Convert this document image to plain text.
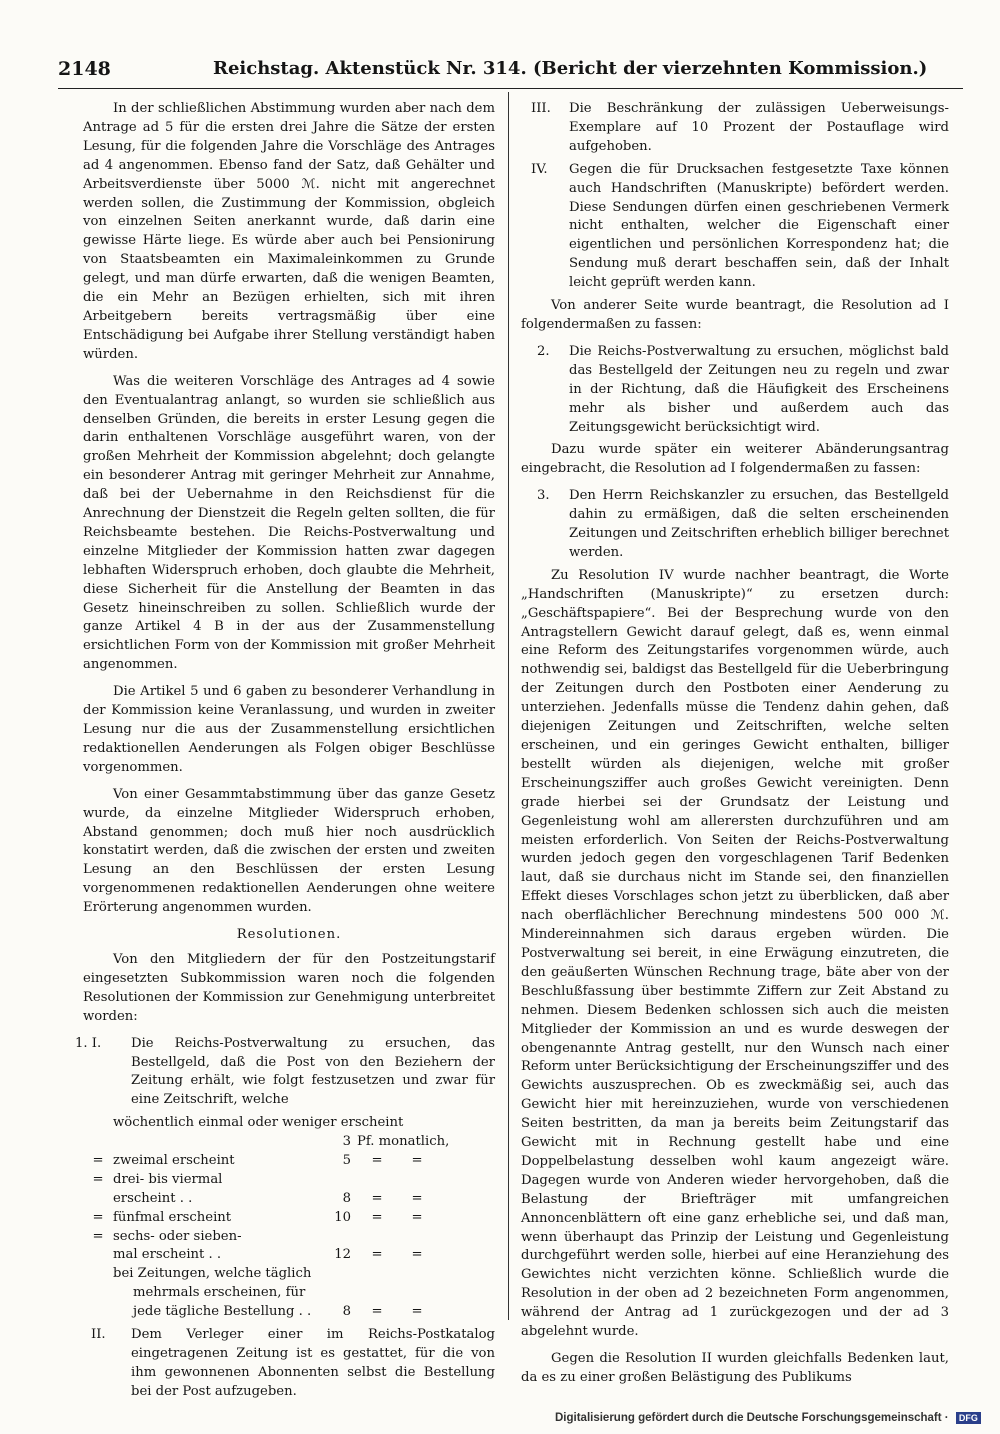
2148	Reichstag. Aktenstück Nr. 314. (Bericht der vierzehnten Kommission.)

In der schließlichen Abstimmung wurden aber nach dem Antrage ad 5 für die ersten drei Jahre die Sätze der ersten Lesung, für die folgenden Jahre die Vorschläge des Antrages ad 4 angenommen. Ebenso fand der Satz, daß Gehälter und Arbeitsverdienste über 5000 ℳ. nicht mit angerechnet werden sollen, die Zustimmung der Kommission, obgleich von einzelnen Seiten anerkannt wurde, daß darin eine gewisse Härte liege. Es würde aber auch bei Pensionirung von Staatsbeamten ein Maximaleinkommen zu Grunde gelegt, und man dürfe erwarten, daß die wenigen Beamten, die ein Mehr an Bezügen erhielten, sich mit ihren Arbeitgebern bereits vertragsmäßig über eine Entschädigung bei Aufgabe ihrer Stellung verständigt haben würden.

Was die weiteren Vorschläge des Antrages ad 4 sowie den Eventualantrag anlangt, so wurden sie schließlich aus denselben Gründen, die bereits in erster Lesung gegen die darin enthaltenen Vorschläge ausgeführt waren, von der großen Mehrheit der Kommission abgelehnt; doch gelangte ein besonderer Antrag mit geringer Mehrheit zur Annahme, daß bei der Uebernahme in den Reichsdienst für die Anrechnung der Dienstzeit die Regeln gelten sollten, die für Reichsbeamte bestehen. Die Reichs-Postverwaltung und einzelne Mitglieder der Kommission hatten zwar dagegen lebhaften Widerspruch erhoben, doch glaubte die Mehrheit, diese Sicherheit für die Anstellung der Beamten in das Gesetz hineinschreiben zu sollen. Schließlich wurde der ganze Artikel 4 B in der aus der Zusammenstellung ersichtlichen Form von der Kommission mit großer Mehrheit angenommen.

Die Artikel 5 und 6 gaben zu besonderer Verhandlung in der Kommission keine Veranlassung, und wurden in zweiter Lesung nur die aus der Zusammenstellung ersichtlichen redaktionellen Aenderungen als Folgen obiger Beschlüsse vorgenommen.

Von einer Gesammtabstimmung über das ganze Gesetz wurde, da einzelne Mitglieder Widerspruch erhoben, Abstand genommen; doch muß hier noch ausdrücklich konstatirt werden, daß die zwischen der ersten und zweiten Lesung an den Beschlüssen der ersten Lesung vorgenommenen redaktionellen Aenderungen ohne weitere Erörterung angenommen wurden.

Resolutionen.

Von den Mitgliedern der für den Postzeitungstarif eingesetzten Subkommission waren noch die folgenden Resolutionen der Kommission zur Genehmigung unterbreitet worden:

1. I. Die Reichs-Postverwaltung zu ersuchen, das Bestellgeld, daß die Post von den Beziehern der Zeitung erhält, wie folgt festzusetzen und zwar für eine Zeitschrift, welche
wöchentlich einmal oder weniger erscheint
3 Pf. monatlich,
= zweimal erscheint	5	=	=
= drei- bis viermal
erscheint . .	8	=	=
= fünfmal erscheint	10	=	=
= sechs- oder sieben-
mal erscheint . .	12	=	=
bei Zeitungen, welche täglich
mehrmals erscheinen, für
jede tägliche Bestellung . .	8	=	=
II. Dem Verleger einer im Reichs-Postkatalog eingetragenen Zeitung ist es gestattet, für die von ihm gewonnenen Abonnenten selbst die Bestellung bei der Post aufzugeben.
III. Die Beschränkung der zulässigen Ueberweisungs-Exemplare auf 10 Prozent der Postauflage wird aufgehoben.
IV. Gegen die für Drucksachen festgesetzte Taxe können auch Handschriften (Manuskripte) befördert werden. Diese Sendungen dürfen einen geschriebenen Vermerk nicht enthalten, welcher die Eigenschaft einer eigentlichen und persönlichen Korrespondenz hat; die Sendung muß derart beschaffen sein, daß der Inhalt leicht geprüft werden kann.

Von anderer Seite wurde beantragt, die Resolution ad I folgendermaßen zu fassen:

2. Die Reichs-Postverwaltung zu ersuchen, möglichst bald das Bestellgeld der Zeitungen neu zu regeln und zwar in der Richtung, daß die Häufigkeit des Erscheinens mehr als bisher und außerdem auch das Zeitungsgewicht berücksichtigt wird.

Dazu wurde später ein weiterer Abänderungsantrag eingebracht, die Resolution ad I folgendermaßen zu fassen:

3. Den Herrn Reichskanzler zu ersuchen, das Bestellgeld dahin zu ermäßigen, daß die selten erscheinenden Zeitungen und Zeitschriften erheblich billiger berechnet werden.

Zu Resolution IV wurde nachher beantragt, die Worte „Handschriften (Manuskripte)“ zu ersetzen durch: „Geschäftspapiere“. Bei der Besprechung wurde von den Antragstellern Gewicht darauf gelegt, daß es, wenn einmal eine Reform des Zeitungstarifes vorgenommen würde, auch nothwendig sei, baldigst das Bestellgeld für die Ueberbringung der Zeitungen durch den Postboten einer Aenderung zu unterziehen. Jedenfalls müsse die Tendenz dahin gehen, daß diejenigen Zeitungen und Zeitschriften, welche selten erscheinen, und ein geringes Gewicht enthalten, billiger bestellt würden als diejenigen, welche mit großer Erscheinungsziffer auch großes Gewicht vereinigten. Denn grade hierbei sei der Grundsatz der Leistung und Gegenleistung wohl am allerersten durchzuführen und am meisten erforderlich. Von Seiten der Reichs-Postverwaltung wurden jedoch gegen den vorgeschlagenen Tarif Bedenken laut, daß sie durchaus nicht im Stande sei, den finanziellen Effekt dieses Vorschlages schon jetzt zu überblicken, daß aber nach oberflächlicher Berechnung mindestens 500 000 ℳ. Mindereinnahmen sich daraus ergeben würden. Die Postverwaltung sei bereit, in eine Erwägung einzutreten, die den geäußerten Wünschen Rechnung trage, bäte aber von der Beschlußfassung über bestimmte Ziffern zur Zeit Abstand zu nehmen. Diesem Bedenken schlossen sich auch die meisten Mitglieder der Kommission an und es wurde deswegen der obengenannte Antrag gestellt, nur den Wunsch nach einer Reform unter Berücksichtigung der Erscheinungsziffer und des Gewichts auszusprechen. Ob es zweckmäßig sei, auch das Gewicht hier mit hereinzuziehen, wurde von verschiedenen Seiten bestritten, da man ja bereits beim Zeitungstarif das Gewicht mit in Rechnung gestellt habe und eine Doppelbelastung desselben wohl kaum angezeigt wäre. Dagegen wurde von Anderen wieder hervorgehoben, daß die Belastung der Briefträger mit umfangreichen Annoncenblättern oft eine ganz erhebliche sei, und daß man, wenn überhaupt das Prinzip der Leistung und Gegenleistung durchgeführt werden solle, hierbei auf eine Heranziehung des Gewichtes nicht verzichten könne. Schließlich wurde die Resolution in der oben ad 2 bezeichneten Form angenommen, während der Antrag ad 1 zurückgezogen und der ad 3 abgelehnt wurde.

Gegen die Resolution II wurden gleichfalls Bedenken laut, da es zu einer großen Belästigung des Publikums

Digitalisierung gefördert durch die Deutsche Forschungsgemeinschaft · DFG
